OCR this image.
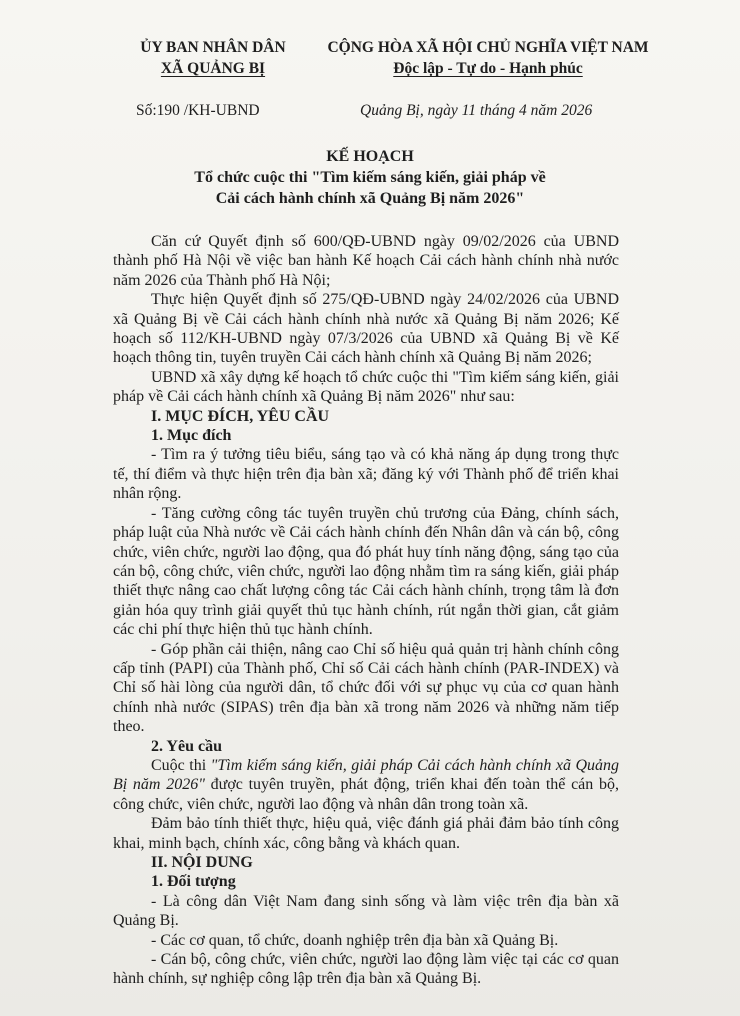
ỦY BAN NHÂN DÂN
XÃ QUẢNG BỊ
CỘNG HÒA XÃ HỘI CHỦ NGHĨA VIỆT NAM
Độc lập - Tự do - Hạnh phúc
Số:190 /KH-UBND	Quảng Bị, ngày 11 tháng 4 năm 2026
KẾ HOẠCH
Tổ chức cuộc thi "Tìm kiếm sáng kiến, giải pháp về
Cải cách hành chính xã Quảng Bị năm 2026"

Căn cứ Quyết định số 600/QĐ-UBND ngày 09/02/2026 của UBND thành phố Hà Nội về việc ban hành Kế hoạch Cải cách hành chính nhà nước năm 2026 của Thành phố Hà Nội;

Thực hiện Quyết định số 275/QĐ-UBND ngày 24/02/2026 của UBND xã Quảng Bị về Cải cách hành chính nhà nước xã Quảng Bị năm 2026; Kế hoạch số 112/KH-UBND ngày 07/3/2026 của UBND xã Quảng Bị về Kế hoạch thông tin, tuyên truyền Cải cách hành chính xã Quảng Bị năm 2026;

UBND xã xây dựng kế hoạch tổ chức cuộc thi "Tìm kiếm sáng kiến, giải pháp về Cải cách hành chính xã Quảng Bị năm 2026" như sau:

I. MỤC ĐÍCH, YÊU CẦU

1. Mục đích

- Tìm ra ý tưởng tiêu biểu, sáng tạo và có khả năng áp dụng trong thực tế, thí điểm và thực hiện trên địa bàn xã; đăng ký với Thành phố để triển khai nhân rộng.

- Tăng cường công tác tuyên truyền chủ trương của Đảng, chính sách, pháp luật của Nhà nước về Cải cách hành chính đến Nhân dân và cán bộ, công chức, viên chức, người lao động, qua đó phát huy tính năng động, sáng tạo của cán bộ, công chức, viên chức, người lao động nhằm tìm ra sáng kiến, giải pháp thiết thực nâng cao chất lượng công tác Cải cách hành chính, trọng tâm là đơn giản hóa quy trình giải quyết thủ tục hành chính, rút ngắn thời gian, cắt giảm các chi phí thực hiện thủ tục hành chính.

- Góp phần cải thiện, nâng cao Chỉ số hiệu quả quản trị hành chính công cấp tỉnh (PAPI) của Thành phố, Chỉ số Cải cách hành chính (PAR-INDEX) và Chỉ số hài lòng của người dân, tổ chức đối với sự phục vụ của cơ quan hành chính nhà nước (SIPAS) trên địa bàn xã trong năm 2026 và những năm tiếp theo.

2. Yêu cầu

Cuộc thi "Tìm kiếm sáng kiến, giải pháp Cải cách hành chính xã Quảng Bị năm 2026" được tuyên truyền, phát động, triển khai đến toàn thể cán bộ, công chức, viên chức, người lao động và nhân dân trong toàn xã.

Đảm bảo tính thiết thực, hiệu quả, việc đánh giá phải đảm bảo tính công khai, minh bạch, chính xác, công bằng và khách quan.

II. NỘI DUNG

1. Đối tượng

- Là công dân Việt Nam đang sinh sống và làm việc trên địa bàn xã Quảng Bị.

- Các cơ quan, tổ chức, doanh nghiệp trên địa bàn xã Quảng Bị.

- Cán bộ, công chức, viên chức, người lao động làm việc tại các cơ quan hành chính, sự nghiệp công lập trên địa bàn xã Quảng Bị.
